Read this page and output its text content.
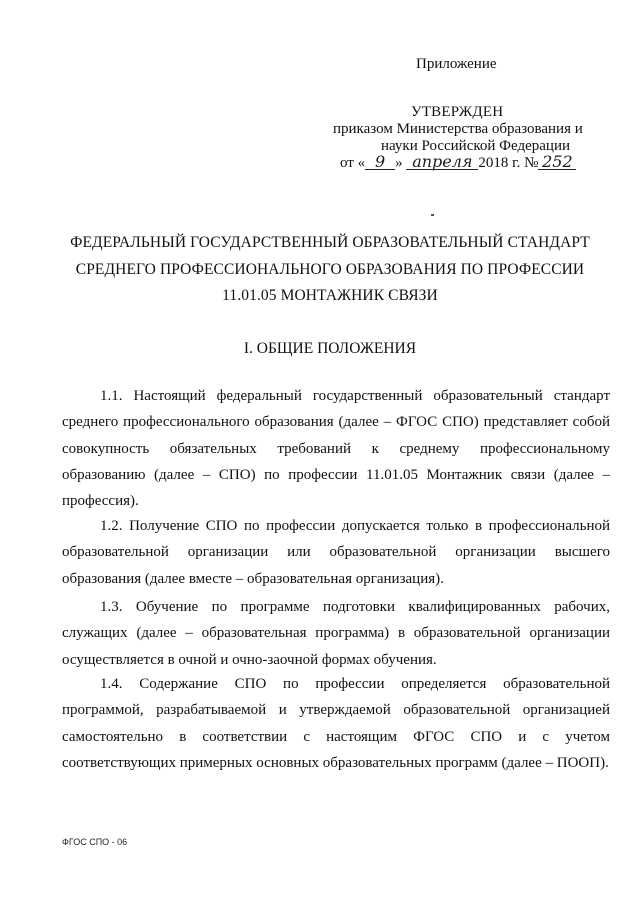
Приложение
УТВЕРЖДЕН
приказом Министерства образования и
науки Российской Федерации
от « 9 » апреля 2018 г. № 252
ФЕДЕРАЛЬНЫЙ ГОСУДАРСТВЕННЫЙ ОБРАЗОВАТЕЛЬНЫЙ СТАНДАРТ
СРЕДНЕГО ПРОФЕССИОНАЛЬНОГО ОБРАЗОВАНИЯ ПО ПРОФЕССИИ
11.01.05 МОНТАЖНИК СВЯЗИ
I. ОБЩИЕ ПОЛОЖЕНИЯ

1.1. Настоящий федеральный государственный образовательный стандарт среднего профессионального образования (далее – ФГОС СПО) представляет собой совокупность обязательных требований к среднему профессиональному образованию (далее – СПО) по профессии 11.01.05 Монтажник связи (далее – профессия).

1.2. Получение СПО по профессии допускается только в профессиональной образовательной организации или образовательной организации высшего образования (далее вместе – образовательная организация).

1.3. Обучение по программе подготовки квалифицированных рабочих, служащих (далее – образовательная программа) в образовательной организации осуществляется в очной и очно-заочной формах обучения.

1.4. Содержание СПО по профессии определяется образовательной программой, разрабатываемой и утверждаемой образовательной организацией самостоятельно в соответствии с настоящим ФГОС СПО и с учетом соответствующих примерных основных образовательных программ (далее – ПООП).

ФГОС СПО - 06
